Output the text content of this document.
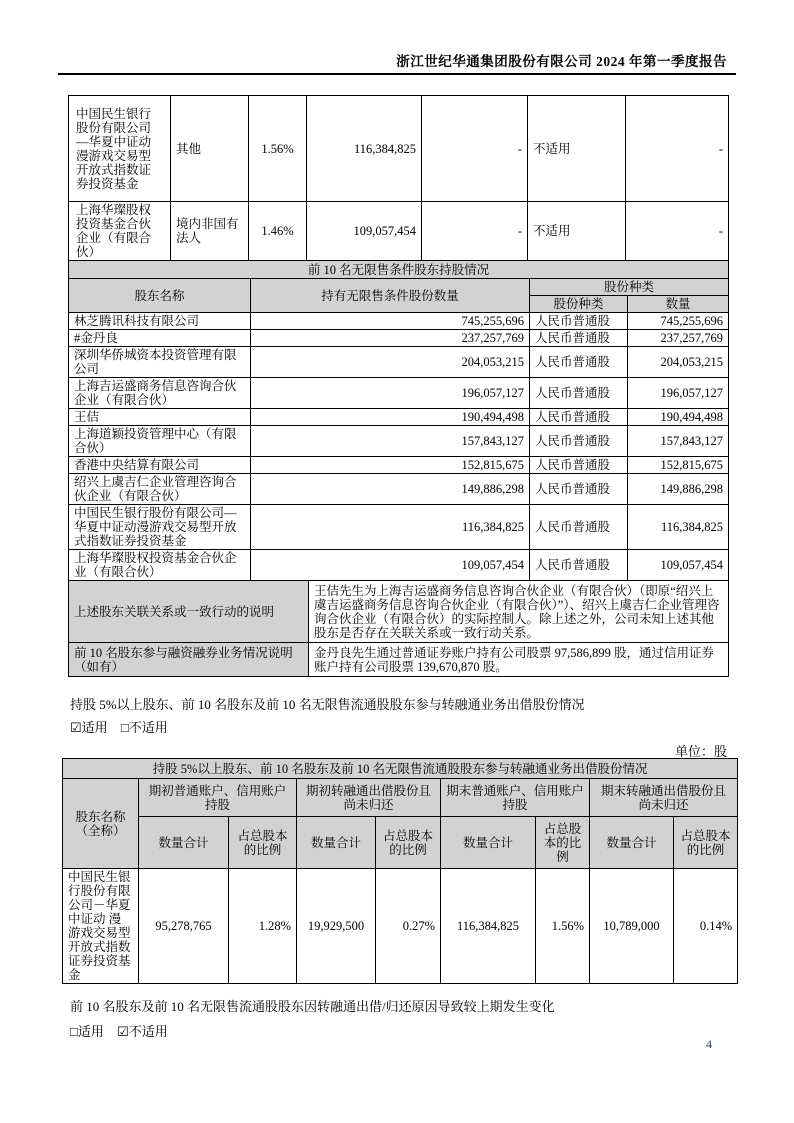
浙江世纪华通集团股份有限公司 2024 年第一季度报告
中国民生银行股份有限公司—华夏中证动漫游戏交易型开放式指数证券投资基金	其他	1.56%	116,384,825	-	不适用	-
上海华璨股权投资基金合伙企业（有限合伙）	境内非国有法人	1.46%	109,057,454	-	不适用	-
前 10 名无限售条件股东持股情况				
股东名称	持有无限售条件股份数量		股份种类	
			股份种类	数量
林芝腾讯科技有限公司	745,255,696		人民币普通股	745,255,696
#金丹良	237,257,769		人民币普通股	237,257,769
深圳华侨城资本投资管理有限公司	204,053,215		人民币普通股	204,053,215
上海吉运盛商务信息咨询合伙企业（有限合伙）	196,057,127		人民币普通股	196,057,127
王佶	190,494,498		人民币普通股	190,494,498
上海道颖投资管理中心（有限合伙）	157,843,127		人民币普通股	157,843,127
香港中央结算有限公司	152,815,675		人民币普通股	152,815,675
绍兴上虞吉仁企业管理咨询合伙企业（有限合伙）	149,886,298		人民币普通股	149,886,298
中国民生银行股份有限公司—华夏中证动漫游戏交易型开放式指数证券投资基金	116,384,825		人民币普通股	116,384,825
上海华璨股权投资基金合伙企业（有限合伙）	109,057,454		人民币普通股	109,057,454
上述股东关联关系或一致行动的说明		王佶先生为上海吉运盛商务信息咨询合伙企业（有限合伙）（即原“绍兴上虞吉运盛商务信息咨询合伙企业（有限合伙）”）、绍兴上虞吉仁企业管理咨询合伙企业（有限合伙）的实际控制人。除上述之外，公司未知上述其他股东是否存在关联关系或一致行动关系。		
前 10 名股东参与融资融券业务情况说明（如有）		金丹良先生通过普通证券账户持有公司股票 97,586,899 股，通过信用证券账户持有公司股票 139,670,870 股。		
持股 5%以上股东、前 10 名股东及前 10 名无限售流通股股东参与转融通业务出借股份情况
☑适用 □不适用
单位：股
持股 5%以上股东、前 10 名股东及前 10 名无限售流通股股东参与转融通业务出借股份情况								
股东名称（全称）	期初普通账户、信用账户持股		期初转融通出借股份且尚未归还		期末普通账户、信用账户持股		期末转融通出借股份且尚未归还	
	数量合计	占总股本的比例	数量合计	占总股本的比例	数量合计	占总股本的比例	数量合计	占总股本的比例
中国民生银行股份有限公司－华夏中证动 漫游戏交易型开放式指数证券投资基金	95,278,765	1.28%	19,929,500	0.27%	116,384,825	1.56%	10,789,000	0.14%
前 10 名股东及前 10 名无限售流通股股东因转融通出借/归还原因导致较上期发生变化
□适用 ☑不适用
4
